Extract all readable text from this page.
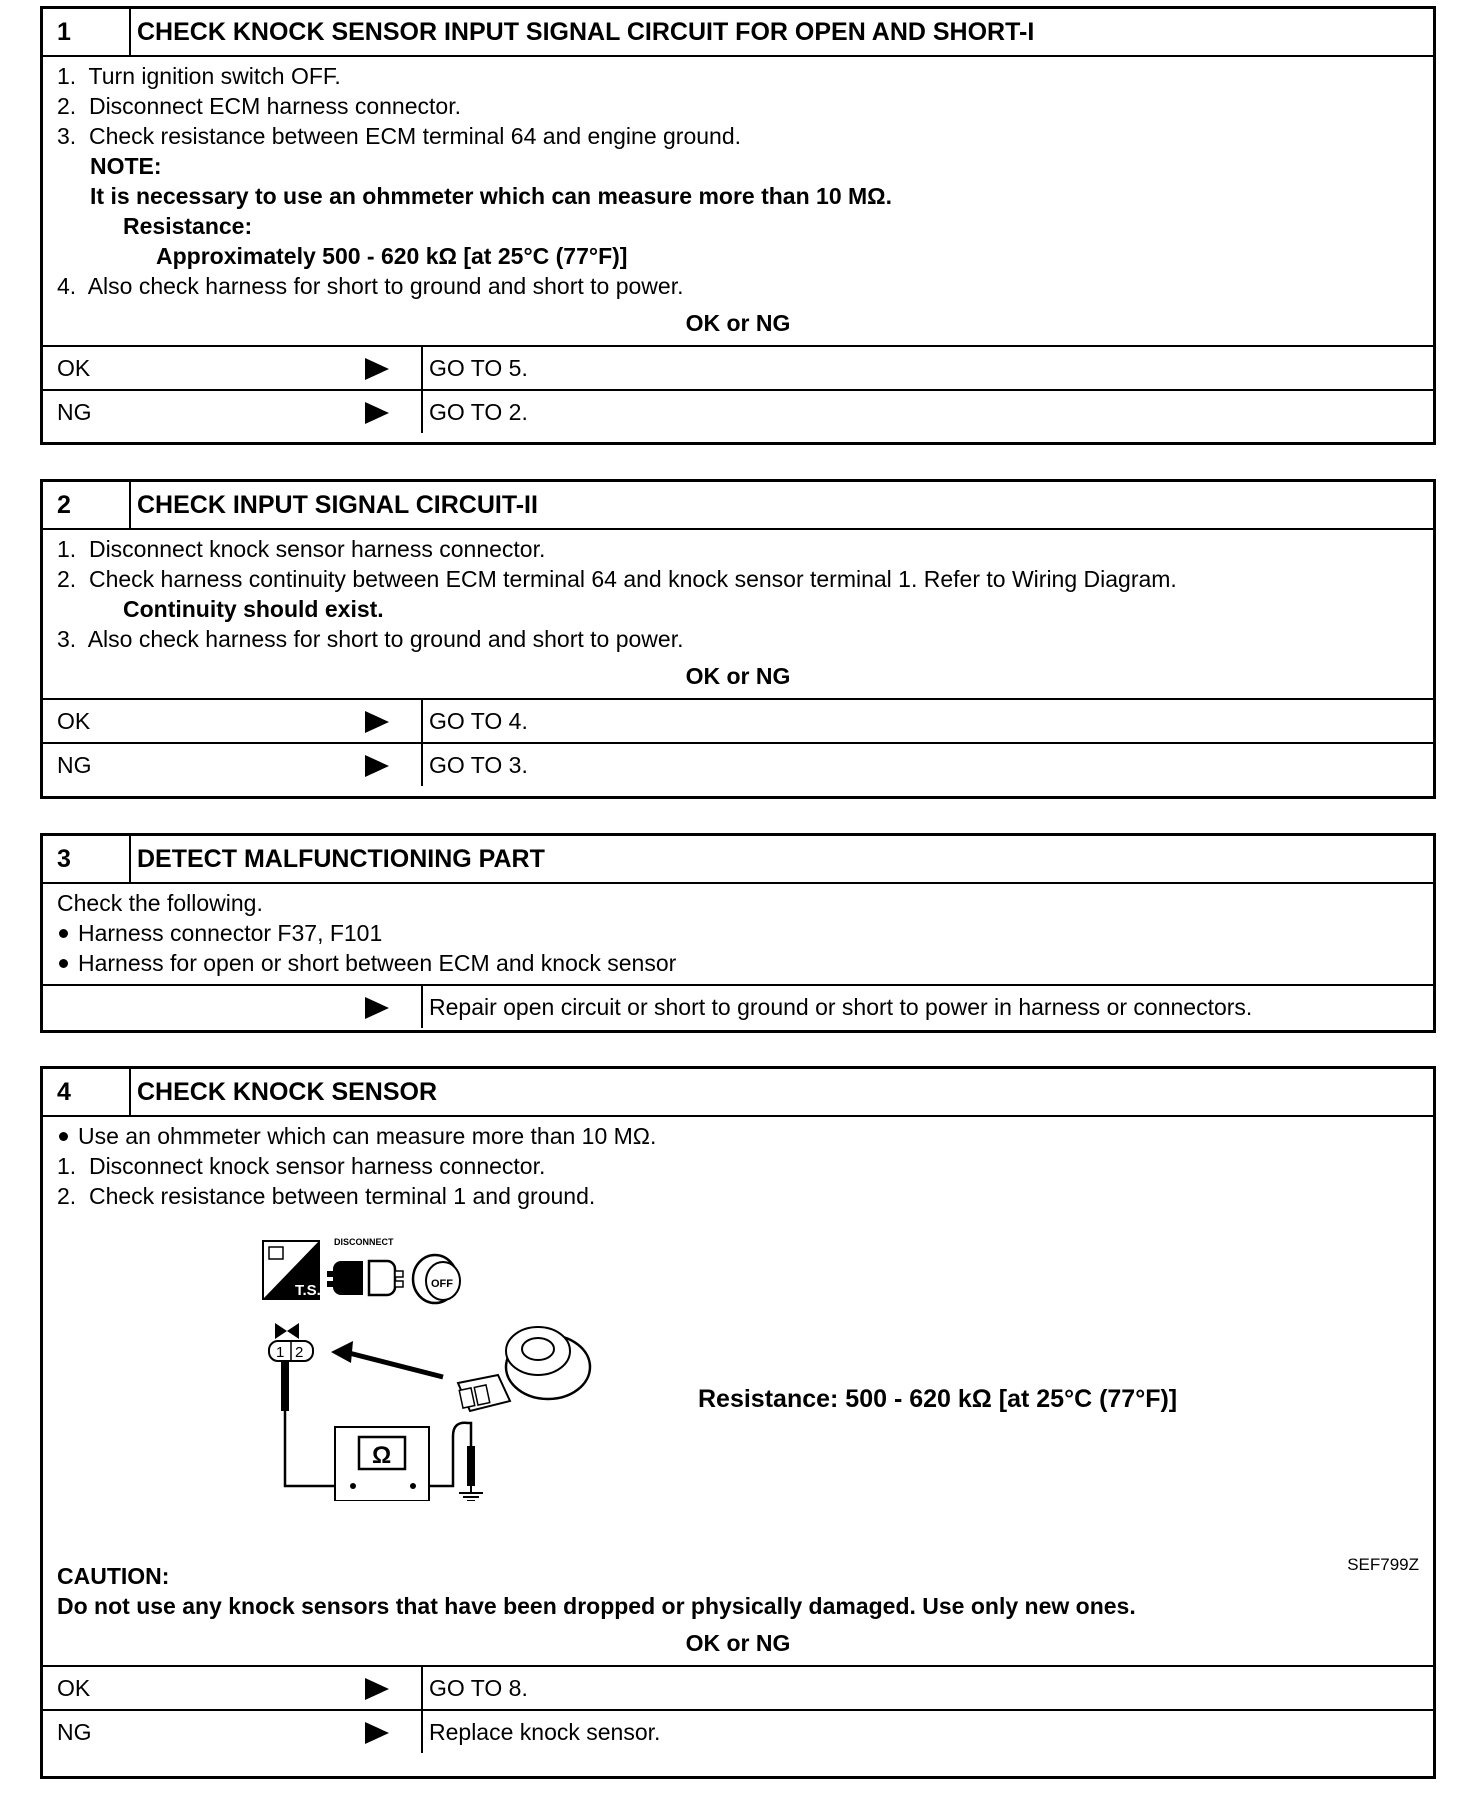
1	CHECK KNOCK SENSOR INPUT SIGNAL CIRCUIT FOR OPEN AND SHORT-I
1.  Turn ignition switch OFF.
2.  Disconnect ECM harness connector.
3.  Check resistance between ECM terminal 64 and engine ground.
NOTE:
It is necessary to use an ohmmeter which can measure more than 10 MΩ.
Resistance:
Approximately 500 - 620 kΩ [at 25°C (77°F)]
4.  Also check harness for short to ground and short to power.
OK or NG
OK	GO TO 5.
NG	GO TO 2.
2	CHECK INPUT SIGNAL CIRCUIT-II
1.  Disconnect knock sensor harness connector.
2.  Check harness continuity between ECM terminal 64 and knock sensor terminal 1. Refer to Wiring Diagram.
Continuity should exist.
3.  Also check harness for short to ground and short to power.
OK or NG
OK	GO TO 4.
NG	GO TO 3.
3	DETECT MALFUNCTIONING PART
Check the following.
Harness connector F37, F101
Harness for open or short between ECM and knock sensor
Repair open circuit or short to ground or short to power in harness or connectors.
4	CHECK KNOCK SENSOR
Use an ohmmeter which can measure more than 10 MΩ.
1.  Disconnect knock sensor harness connector.
2.  Check resistance between terminal 1 and ground.
T.S.
DISCONNECT
OFF
1 2
Ω
Resistance: 500 - 620 kΩ [at 25°C (77°F)]
SEF799Z
CAUTION:
Do not use any knock sensors that have been dropped or physically damaged. Use only new ones.
OK or NG
OK	GO TO 8.
NG	Replace knock sensor.
